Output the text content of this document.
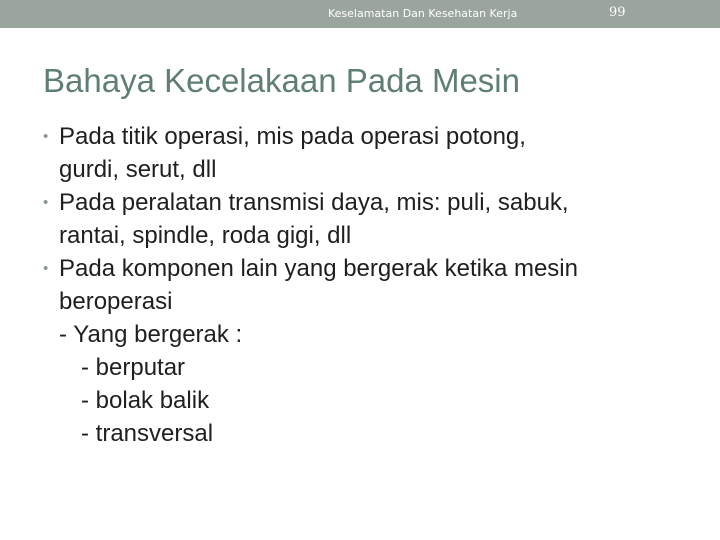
Keselamatan Dan Kesehatan Kerja	99
Bahaya Kecelakaan Pada Mesin
• Pada titik operasi, mis pada operasi potong,
gurdi, serut, dll
• Pada peralatan transmisi daya, mis: puli, sabuk,
rantai, spindle, roda gigi, dll
• Pada komponen lain yang bergerak ketika mesin
beroperasi
- Yang bergerak :
- berputar
- bolak balik
- transversal
